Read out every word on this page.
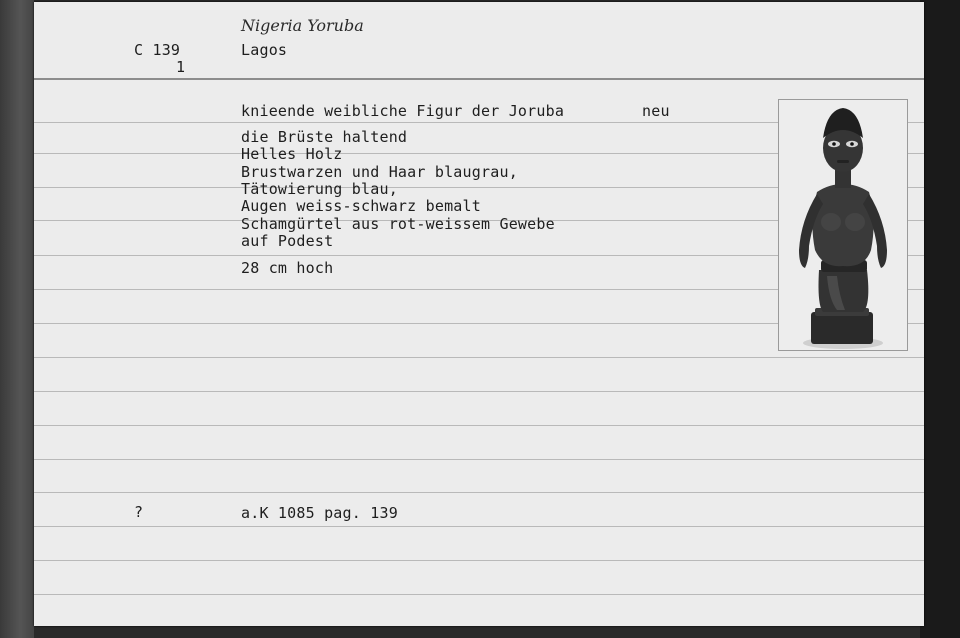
Nigeria Yoruba
C 139
1
Lagos
knieende weibliche Figur der Joruba	neu
die Brüste haltend
Helles Holz
Brustwarzen und Haar blaugrau,
Tätowierung blau,
Augen weiss-schwarz bemalt
Schamgürtel aus rot-weissem Gewebe
auf Podest
28 cm hoch
?	a.K 1085 pag. 139
